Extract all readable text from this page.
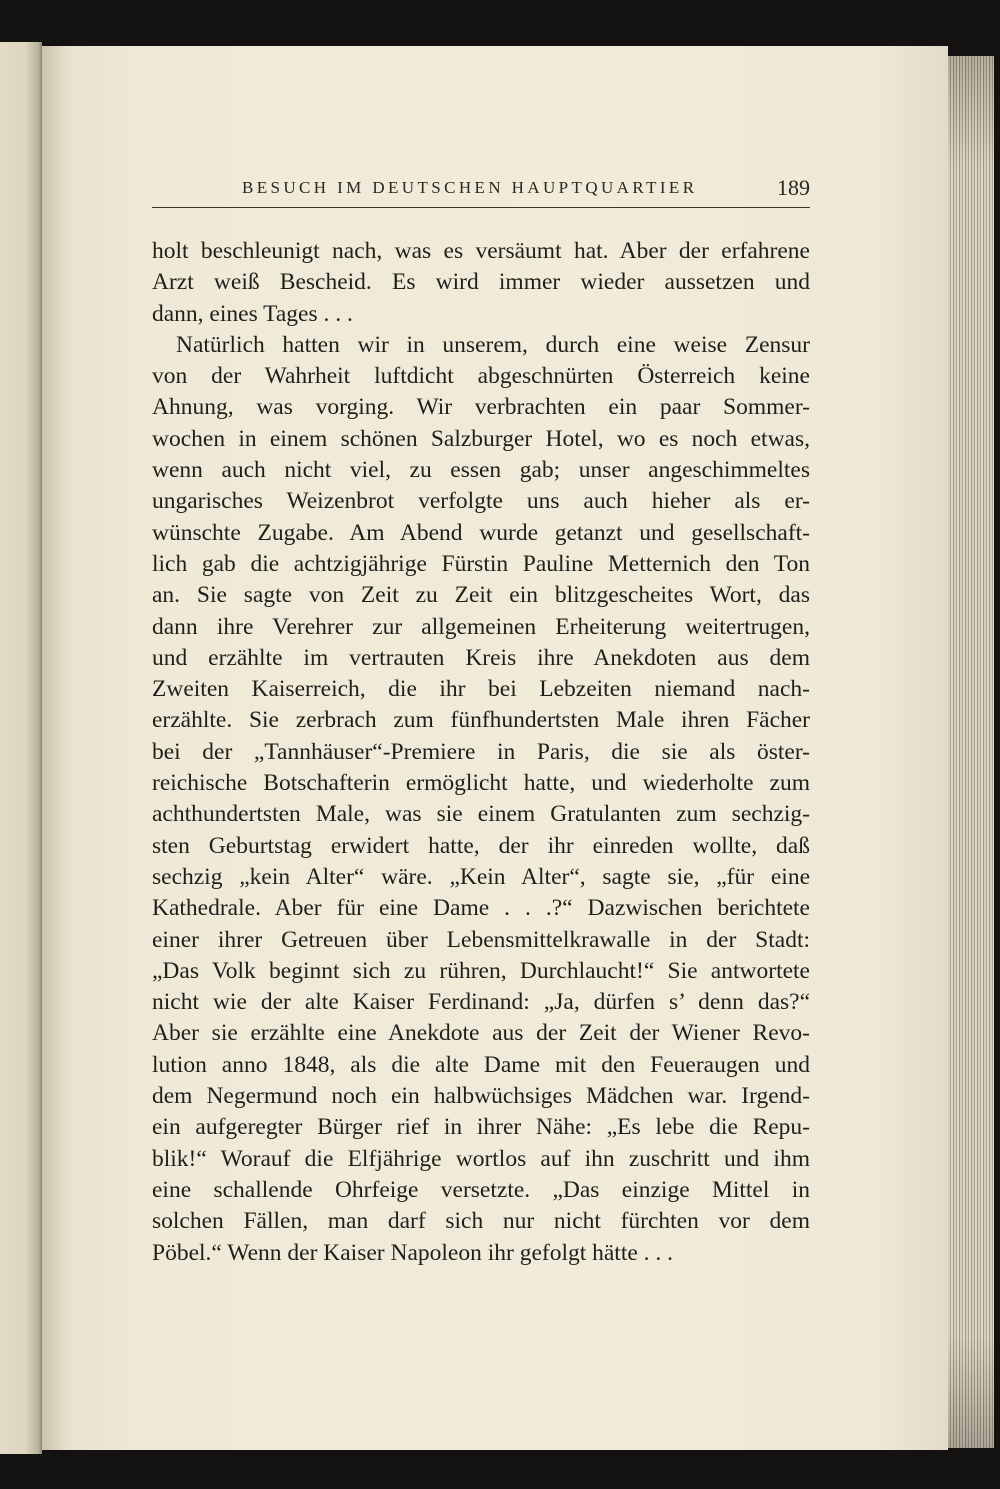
BESUCH IM DEUTSCHEN HAUPTQUARTIER	189
holt beschleunigt nach, was es versäumt hat. Aber der erfahrene
Arzt weiß Bescheid. Es wird immer wieder aussetzen und
dann, eines Tages . . .
Natürlich hatten wir in unserem, durch eine weise Zensur
von der Wahrheit luftdicht abgeschnürten Österreich keine
Ahnung, was vorging. Wir verbrachten ein paar Sommer-
wochen in einem schönen Salzburger Hotel, wo es noch etwas,
wenn auch nicht viel, zu essen gab; unser angeschimmeltes
ungarisches Weizenbrot verfolgte uns auch hieher als er-
wünschte Zugabe. Am Abend wurde getanzt und gesellschaft-
lich gab die achtzigjährige Fürstin Pauline Metternich den Ton
an. Sie sagte von Zeit zu Zeit ein blitzgescheites Wort, das
dann ihre Verehrer zur allgemeinen Erheiterung weitertrugen,
und erzählte im vertrauten Kreis ihre Anekdoten aus dem
Zweiten Kaiserreich, die ihr bei Lebzeiten niemand nach-
erzählte. Sie zerbrach zum fünfhundertsten Male ihren Fächer
bei der „Tannhäuser“-Premiere in Paris, die sie als öster-
reichische Botschafterin ermöglicht hatte, und wiederholte zum
achthundertsten Male, was sie einem Gratulanten zum sechzig-
sten Geburtstag erwidert hatte, der ihr einreden wollte, daß
sechzig „kein Alter“ wäre. „Kein Alter“, sagte sie, „für eine
Kathedrale. Aber für eine Dame . . .?“ Dazwischen berichtete
einer ihrer Getreuen über Lebensmittelkrawalle in der Stadt:
„Das Volk beginnt sich zu rühren, Durchlaucht!“ Sie antwortete
nicht wie der alte Kaiser Ferdinand: „Ja, dürfen s’ denn das?“
Aber sie erzählte eine Anekdote aus der Zeit der Wiener Revo-
lution anno 1848, als die alte Dame mit den Feueraugen und
dem Negermund noch ein halbwüchsiges Mädchen war. Irgend-
ein aufgeregter Bürger rief in ihrer Nähe: „Es lebe die Repu-
blik!“ Worauf die Elfjährige wortlos auf ihn zuschritt und ihm
eine schallende Ohrfeige versetzte. „Das einzige Mittel in
solchen Fällen, man darf sich nur nicht fürchten vor dem
Pöbel.“ Wenn der Kaiser Napoleon ihr gefolgt hätte . . .
